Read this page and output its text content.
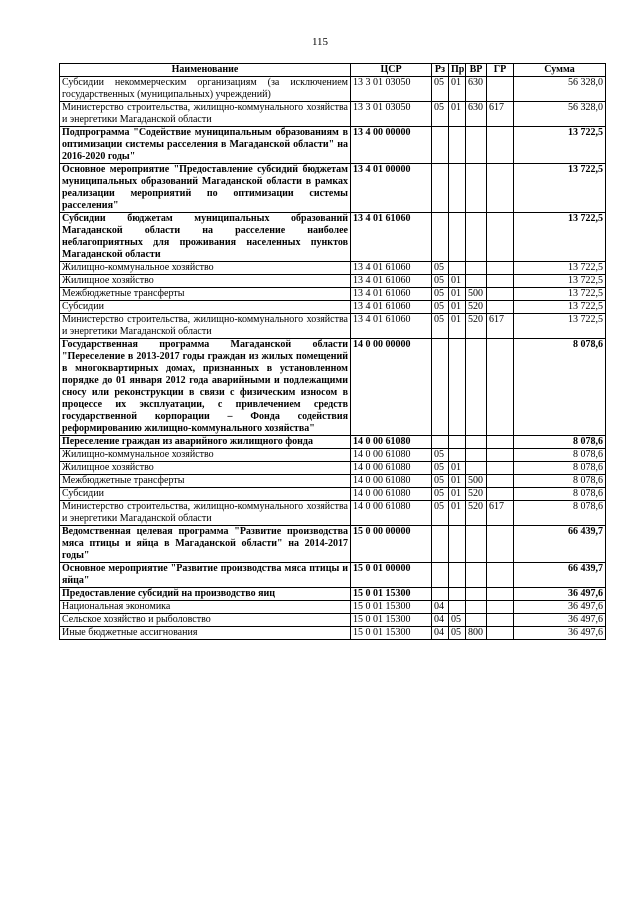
115
Наименование	ЦСР	Рз	Пр	ВР	ГР	Сумма
Субсидии некоммерческим организациям (за исключением государственных (муниципальных) учреждений)	13 3 01 03050	05	01	630		56 328,0
Министерство строительства, жилищно-коммунального хозяйства и энергетики Магаданской области	13 3 01 03050	05	01	630	617	56 328,0
Подпрограмма "Содействие муниципальным образованиям в оптимизации системы расселения в Магаданской области" на 2016-2020 годы"	13 4 00 00000					13 722,5
Основное мероприятие "Предоставление субсидий бюджетам муниципальных образований Магаданской области в рамках реализации мероприятий по оптимизации системы расселения"	13 4 01 00000					13 722,5
Субсидии бюджетам муниципальных образований Магаданской области на расселение наиболее неблагоприятных для проживания населенных пунктов Магаданской области	13 4 01 61060					13 722,5
Жилищно-коммунальное хозяйство	13 4 01 61060	05				13 722,5
Жилищное хозяйство	13 4 01 61060	05	01			13 722,5
Межбюджетные трансферты	13 4 01 61060	05	01	500		13 722,5
Субсидии	13 4 01 61060	05	01	520		13 722,5
Министерство строительства, жилищно-коммунального хозяйства и энергетики Магаданской области	13 4 01 61060	05	01	520	617	13 722,5
Государственная программа Магаданской области "Переселение в 2013-2017 годы граждан из жилых помещений в многоквартирных домах, признанных в установленном порядке до 01 января 2012 года аварийными и подлежащими сносу или реконструкции в связи с физическим износом в процессе их эксплуатации, с привлечением средств государственной корпорации – Фонда содействия реформированию жилищно-коммунального хозяйства"	14 0 00 00000					8 078,6
Переселение граждан из аварийного жилищного фонда	14 0 00 61080					8 078,6
Жилищно-коммунальное хозяйство	14 0 00 61080	05				8 078,6
Жилищное хозяйство	14 0 00 61080	05	01			8 078,6
Межбюджетные трансферты	14 0 00 61080	05	01	500		8 078,6
Субсидии	14 0 00 61080	05	01	520		8 078,6
Министерство строительства, жилищно-коммунального хозяйства и энергетики Магаданской области	14 0 00 61080	05	01	520	617	8 078,6
Ведомственная целевая программа "Развитие производства мяса птицы и яйца в Магаданской области" на 2014-2017 годы"	15 0 00 00000					66 439,7
Основное мероприятие "Развитие производства мяса птицы и яйца"	15 0 01 00000					66 439,7
Предоставление субсидий на производство яиц	15 0 01 15300					36 497,6
Национальная экономика	15 0 01 15300	04				36 497,6
Сельское хозяйство и рыболовство	15 0 01 15300	04	05			36 497,6
Иные бюджетные ассигнования	15 0 01 15300	04	05	800		36 497,6
